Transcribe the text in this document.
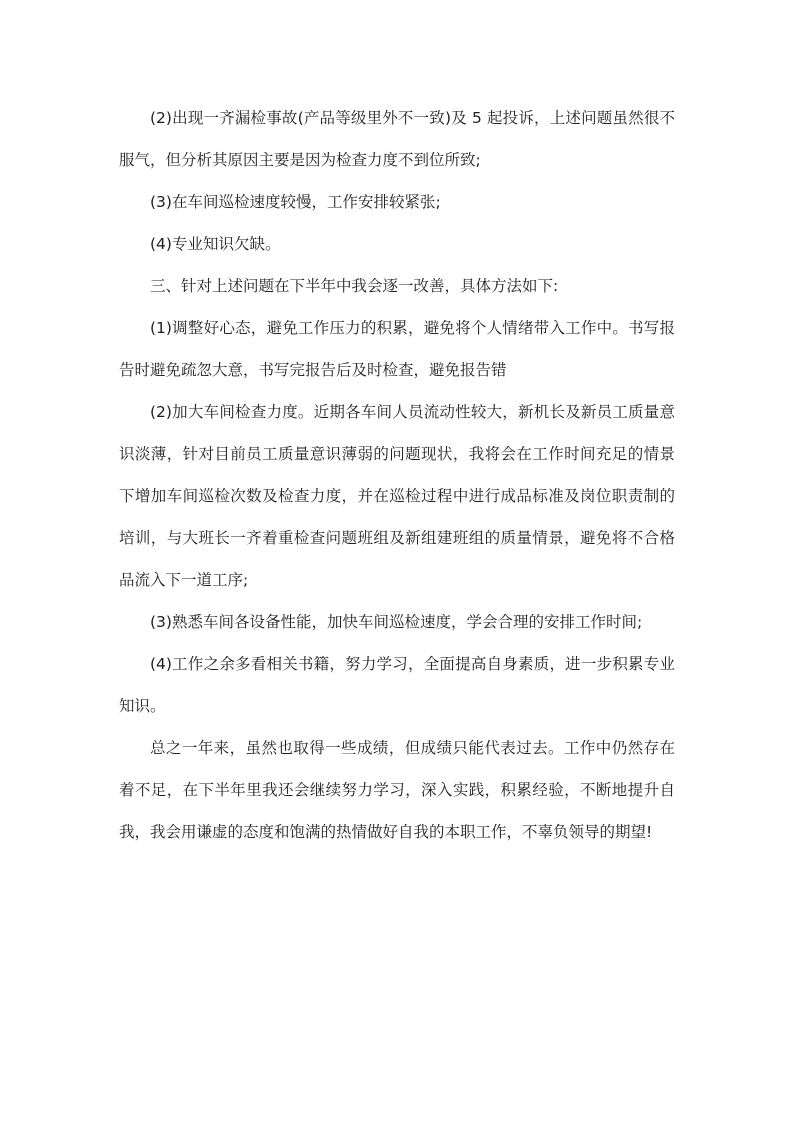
(2)出现一齐漏检事故(产品等级里外不一致)及 5 起投诉，上述问题虽然很不服气，但分析其原因主要是因为检查力度不到位所致;

(3)在车间巡检速度较慢，工作安排较紧张;

(4)专业知识欠缺。

三、针对上述问题在下半年中我会逐一改善，具体方法如下:

(1)调整好心态，避免工作压力的积累，避免将个人情绪带入工作中。书写报告时避免疏忽大意，书写完报告后及时检查，避免报告错

(2)加大车间检查力度。近期各车间人员流动性较大，新机长及新员工质量意识淡薄，针对目前员工质量意识薄弱的问题现状，我将会在工作时间充足的情景下增加车间巡检次数及检查力度，并在巡检过程中进行成品标准及岗位职责制的培训，与大班长一齐着重检查问题班组及新组建班组的质量情景，避免将不合格品流入下一道工序;

(3)熟悉车间各设备性能，加快车间巡检速度，学会合理的安排工作时间;

(4)工作之余多看相关书籍，努力学习，全面提高自身素质，进一步积累专业知识。

总之一年来，虽然也取得一些成绩，但成绩只能代表过去。工作中仍然存在着不足，在下半年里我还会继续努力学习，深入实践，积累经验，不断地提升自我，我会用谦虚的态度和饱满的热情做好自我的本职工作，不辜负领导的期望!
